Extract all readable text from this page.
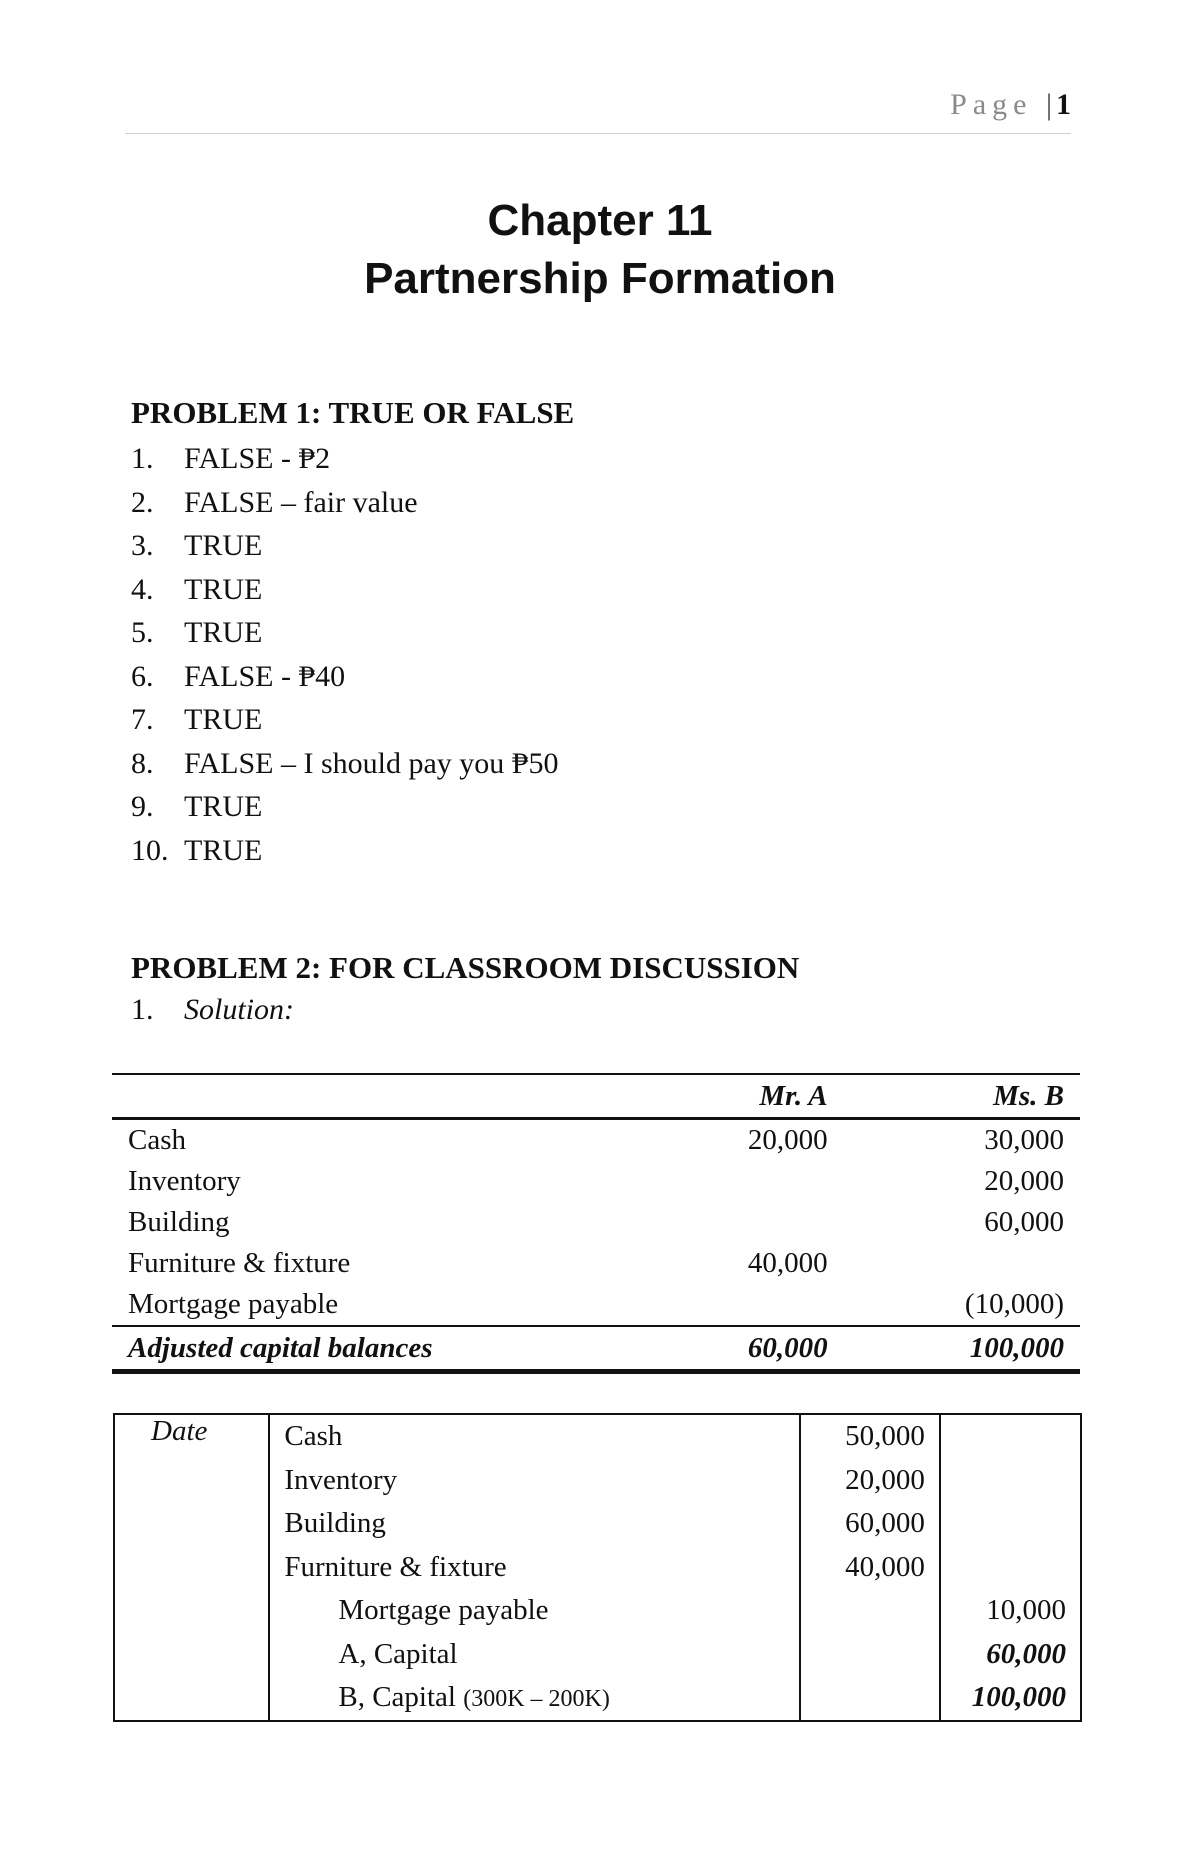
Page | 1
Chapter 11
Partnership Formation
PROBLEM 1: TRUE OR FALSE
1. FALSE - ₱2
2. FALSE – fair value
3. TRUE
4. TRUE
5. TRUE
6. FALSE - ₱40
7. TRUE
8. FALSE – I should pay you ₱50
9. TRUE
10. TRUE
PROBLEM 2: FOR CLASSROOM DISCUSSION
1. Solution:
	Mr. A	Ms. B
Cash	20,000	30,000
Inventory		20,000
Building		60,000
Furniture & fixture	40,000	
Mortgage payable		(10,000)
Adjusted capital balances	60,000	100,000
Date	Cash	50,000	
	Inventory	20,000	
	Building	60,000	
	Furniture & fixture	40,000	
	Mortgage payable		10,000
	A, Capital		60,000
	B, Capital (300K – 200K)		100,000
